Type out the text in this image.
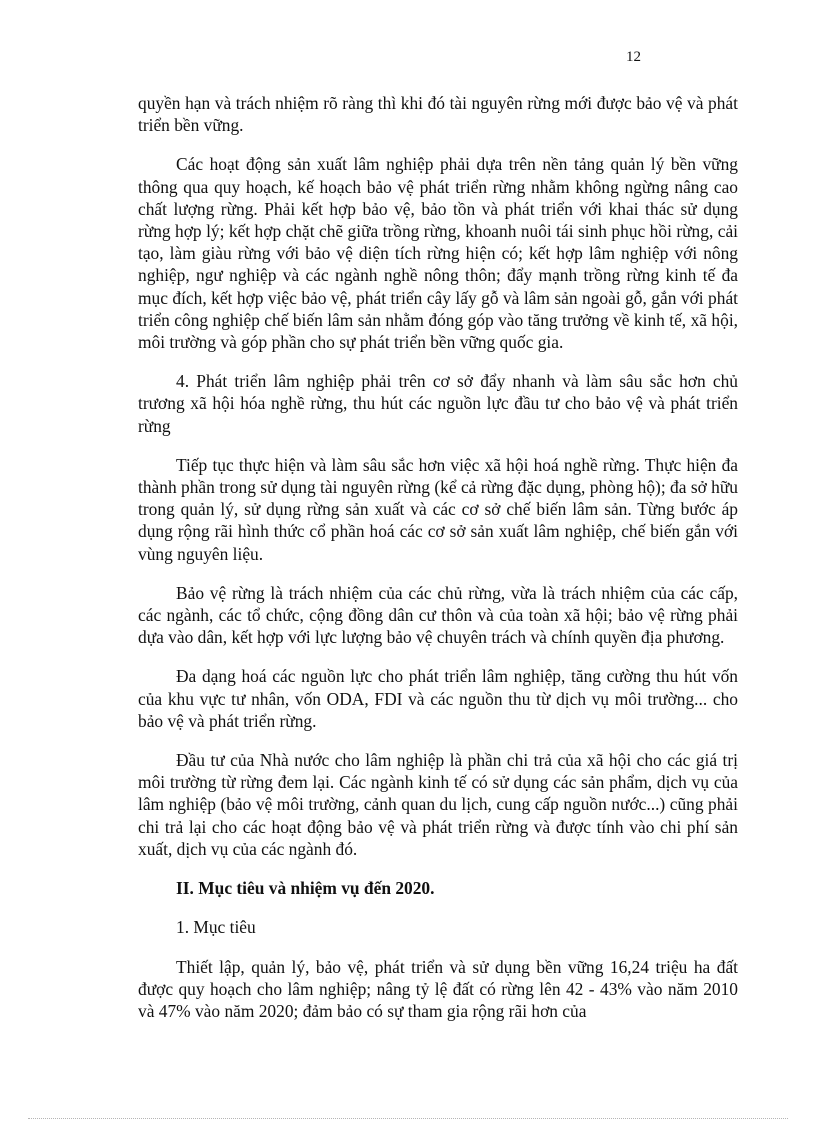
12

quyền hạn và trách nhiệm rõ ràng thì khi đó tài nguyên rừng mới được bảo vệ và phát triển bền vững.

Các hoạt động sản xuất lâm nghiệp phải dựa trên nền tảng quản lý bền vững thông qua quy hoạch, kế hoạch bảo vệ phát triển rừng nhằm không ngừng nâng cao chất lượng rừng. Phải kết hợp bảo vệ, bảo tồn và phát triển với khai thác sử dụng rừng hợp lý; kết hợp chặt chẽ giữa trồng rừng, khoanh nuôi tái sinh phục hồi rừng, cải tạo, làm giàu rừng với bảo vệ diện tích rừng hiện có; kết hợp lâm nghiệp với nông nghiệp, ngư nghiệp và các ngành nghề nông thôn; đẩy mạnh trồng rừng kinh tế đa mục đích, kết hợp việc bảo vệ, phát triển cây lấy gỗ và lâm sản ngoài gỗ, gắn với phát triển công nghiệp chế biến lâm sản nhằm đóng góp vào tăng trưởng về kinh tế, xã hội, môi trường và góp phần cho sự phát triển bền vững quốc gia.

4. Phát triển lâm nghiệp phải trên cơ sở đẩy nhanh và làm sâu sắc hơn chủ trương xã hội hóa nghề rừng, thu hút các nguồn lực đầu tư cho bảo vệ và phát triển rừng

Tiếp tục thực hiện và làm sâu sắc hơn việc xã hội hoá nghề rừng. Thực hiện đa thành phần trong sử dụng tài nguyên rừng (kể cả rừng đặc dụng, phòng hộ); đa sở hữu trong quản lý, sử dụng rừng sản xuất và các cơ sở chế biến lâm sản. Từng bước áp dụng rộng rãi hình thức cổ phần hoá các cơ sở sản xuất lâm nghiệp, chế biến gắn với vùng nguyên liệu.

Bảo vệ rừng là trách nhiệm của các chủ rừng, vừa là trách nhiệm của các cấp, các ngành, các tổ chức, cộng đồng dân cư thôn và của toàn xã hội; bảo vệ rừng phải dựa vào dân, kết hợp với lực lượng bảo vệ chuyên trách và chính quyền địa phương.

Đa dạng hoá các nguồn lực cho phát triển lâm nghiệp, tăng cường thu hút vốn của khu vực tư nhân, vốn ODA, FDI và các nguồn thu từ dịch vụ môi trường... cho bảo vệ và phát triển rừng.

Đầu tư của Nhà nước cho lâm nghiệp là phần chi trả của xã hội cho các giá trị môi trường từ rừng đem lại. Các ngành kinh tế có sử dụng các sản phẩm, dịch vụ của lâm nghiệp (bảo vệ môi trường, cảnh quan du lịch, cung cấp nguồn nước...) cũng phải chi trả lại cho các hoạt động bảo vệ và phát triển rừng và được tính vào chi phí sản xuất, dịch vụ của các ngành đó.

II. Mục tiêu và nhiệm vụ đến 2020.

1. Mục tiêu

Thiết lập, quản lý, bảo vệ, phát triển và sử dụng bền vững 16,24 triệu ha đất được quy hoạch cho lâm nghiệp; nâng tỷ lệ đất có rừng lên 42 - 43% vào năm 2010 và 47% vào năm 2020; đảm bảo có sự tham gia rộng rãi hơn của
